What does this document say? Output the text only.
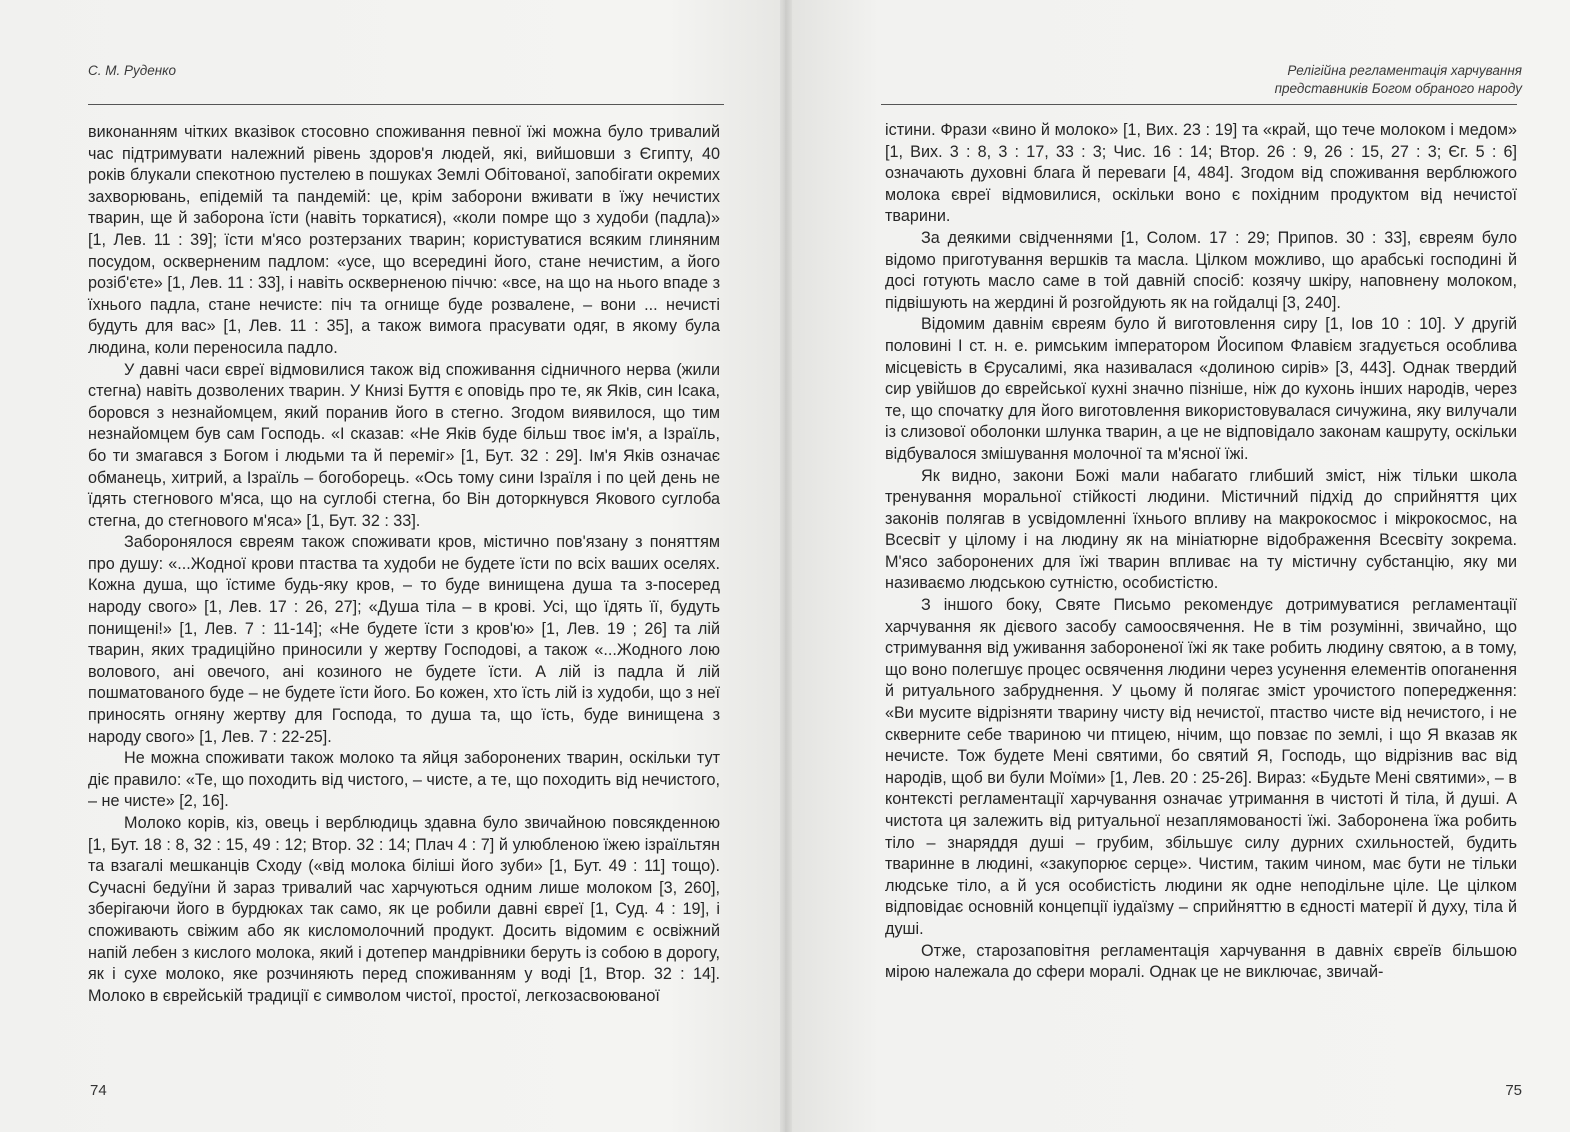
С. М. Руденко

виконанням чітких вказівок стосовно споживання певної їжі можна було тривалий час підтримувати належний рівень здоров'я людей, які, вийшовши з Єгипту, 40 років блукали спекотною пустелею в пошуках Землі Обітованої, запобігати окремих захворювань, епідемій та пандемій: це, крім заборони вживати в їжу нечистих тварин, ще й заборона їсти (навіть торкатися), «коли помре що з худоби (падла)» [1, Лев. 11 : 39]; їсти м'ясо розтерзаних тварин; користуватися всяким глиняним посудом, оскверненим падлом: «усе, що всередині його, стане нечистим, а його розіб'єте» [1, Лев. 11 : 33], і навіть оскверненою піччю: «все, на що на нього впаде з їхнього падла, стане нечисте: піч та огнище буде розвалене, – вони ... нечисті будуть для вас» [1, Лев. 11 : 35], а також вимога прасувати одяг, в якому була людина, коли переносила падло.

У давні часи євреї відмовилися також від споживання сідничного нерва (жили стегна) навіть дозволених тварин. У Книзі Буття є оповідь про те, як Яків, син Ісака, боровся з незнайомцем, який поранив його в стегно. Згодом виявилося, що тим незнайомцем був сам Господь. «І сказав: «Не Яків буде більш твоє ім'я, а Ізраїль, бо ти змагався з Богом і людьми та й переміг» [1, Бут. 32 : 29]. Ім'я Яків означає обманець, хитрий, а Ізраїль – богоборець. «Ось тому сини Ізраїля і по цей день не їдять стегнового м'яса, що на суглобі стегна, бо Він доторкнувся Якового суглоба стегна, до стегнового м'яса» [1, Бут. 32 : 33].

Заборонялося євреям також споживати кров, містично пов'язану з поняттям про душу: «...Жодної крови птаства та худоби не будете їсти по всіх ваших оселях. Кожна душа, що їстиме будь-яку кров, – то буде винищена душа та з-посеред народу свого» [1, Лев. 17 : 26, 27]; «Душа тіла – в крові. Усі, що їдять її, будуть понищені!» [1, Лев. 7 : 11-14]; «Не будете їсти з кров'ю» [1, Лев. 19 ; 26] та лій тварин, яких традиційно приносили у жертву Господові, а також «...Жодного лою волового, ані овечого, ані козиного не будете їсти. А лій із падла й лій пошматованого буде – не будете їсти його. Бо кожен, хто їсть лій із худоби, що з неї приносять огняну жертву для Господа, то душа та, що їсть, буде винищена з народу свого» [1, Лев. 7 : 22-25].

Не можна споживати також молоко та яйця заборонених тварин, оскільки тут діє правило: «Те, що походить від чистого, – чисте, а те, що походить від нечистого, – не чисте» [2, 16].

Молоко корів, кіз, овець і верблюдиць здавна було звичайною повсякденною [1, Бут. 18 : 8, 32 : 15, 49 : 12; Втор. 32 : 14; Плач 4 : 7] й улюбленою їжею ізраїльтян та взагалі мешканців Сходу («від молока біліші його зуби» [1, Бут. 49 : 11] тощо). Сучасні бедуїни й зараз тривалий час харчуються одним лише молоком [3, 260], зберігаючи його в бурдюках так само, як це робили давні євреї [1, Суд. 4 : 19], і споживають свіжим або як кисломолочний продукт. Досить відомим є освіжний напій лебен з кислого молока, який і дотепер мандрівники беруть із собою в дорогу, як і сухе молоко, яке розчиняють перед споживанням у воді [1, Втор. 32 : 14]. Молоко в єврейській традиції є символом чистої, простої, легкозасвоюваної

74
Релігійна регламентація харчування
представників Богом обраного народу

істини. Фрази «вино й молоко» [1, Вих. 23 : 19] та «край, що тече молоком і медом» [1, Вих. 3 : 8, 3 : 17, 33 : 3; Чис. 16 : 14; Втор. 26 : 9, 26 : 15, 27 : 3; Єг. 5 : 6] означають духовні блага й переваги [4, 484]. Згодом від споживання верблюжого молока євреї відмовилися, оскільки воно є похідним продуктом від нечистої тварини.

За деякими свідченнями [1, Солом. 17 : 29; Припов. 30 : 33], євреям було відомо приготування вершків та масла. Цілком можливо, що арабські господині й досі готують масло саме в той давній спосіб: козячу шкіру, наповнену молоком, підвішують на жердині й розгойдують як на гойдалці [3, 240].

Відомим давнім євреям було й виготовлення сиру [1, Іов 10 : 10]. У другій половині І ст. н. е. римським імператором Йосипом Флавієм згадується особлива місцевість в Єрусалимі, яка називалася «долиною сирів» [3, 443]. Однак твердий сир увійшов до єврейської кухні значно пізніше, ніж до кухонь інших народів, через те, що спочатку для його виготовлення використовувалася сичужина, яку вилучали із слизової оболонки шлунка тварин, а це не відповідало законам кашруту, оскільки відбувалося змішування молочної та м'ясної їжі.

Як видно, закони Божі мали набагато глибший зміст, ніж тільки школа тренування моральної стійкості людини. Містичний підхід до сприйняття цих законів полягав в усвідомленні їхнього впливу на макрокосмос і мікрокосмос, на Всесвіт у цілому і на людину як на мініатюрне відображення Всесвіту зокрема. М'ясо заборонених для їжі тварин впливає на ту містичну субстанцію, яку ми називаємо людською сутністю, особистістю.

З іншого боку, Святе Письмо рекомендує дотримуватися регламентації харчування як дієвого засобу самоосвячення. Не в тім розумінні, звичайно, що стримування від уживання забороненої їжі як таке робить людину святою, а в тому, що воно полегшує процес освячення людини через усунення елементів опоганення й ритуального забруднення. У цьому й полягає зміст урочистого попередження: «Ви мусите відрізняти тварину чисту від нечистої, птаство чисте від нечистого, і не скверните себе твариною чи птицею, нічим, що повзає по землі, і що Я вказав як нечисте. Тож будете Мені святими, бо святий Я, Господь, що відрізнив вас від народів, щоб ви були Моїми» [1, Лев. 20 : 25-26]. Вираз: «Будьте Мені святими», – в контексті регламентації харчування означає утримання в чистоті й тіла, й душі. А чистота ця залежить від ритуальної незаплямованості їжі. Заборонена їжа робить тіло – знаряддя душі – грубим, збільшує силу дурних схильностей, будить тваринне в людині, «закупорює серце». Чистим, таким чином, має бути не тільки людське тіло, а й уся особистість людини як одне неподільне ціле. Це цілком відповідає основній концепції іудаїзму – сприйняттю в єдності матерії й духу, тіла й душі.

Отже, старозаповітня регламентація харчування в давніх євреїв більшою мірою належала до сфери моралі. Однак це не виключає, звичай-

75
